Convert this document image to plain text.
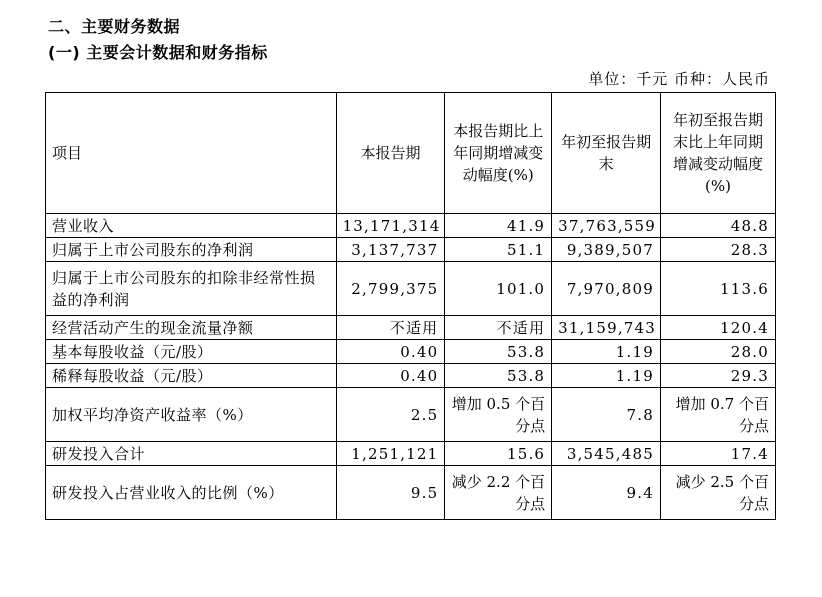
二、主要财务数据
(一) 主要会计数据和财务指标
单位：千元 币种：人民币
项目	本报告期	本报告期比上年同期增减变动幅度(%)	年初至报告期末	年初至报告期末比上年同期增减变动幅度(%)
营业收入	13,171,314	41.9	37,763,559	48.8
归属于上市公司股东的净利润	3,137,737	51.1	9,389,507	28.3
归属于上市公司股东的扣除非经常性损益的净利润	2,799,375	101.0	7,970,809	113.6
经营活动产生的现金流量净额	不适用	不适用	31,159,743	120.4
基本每股收益（元/股）	0.40	53.8	1.19	28.0
稀释每股收益（元/股）	0.40	53.8	1.19	29.3
加权平均净资产收益率（%）	2.5	增加 0.5 个百分点	7.8	增加 0.7 个百分点
研发投入合计	1,251,121	15.6	3,545,485	17.4
研发投入占营业收入的比例（%）	9.5	减少 2.2 个百分点	9.4	减少 2.5 个百分点
